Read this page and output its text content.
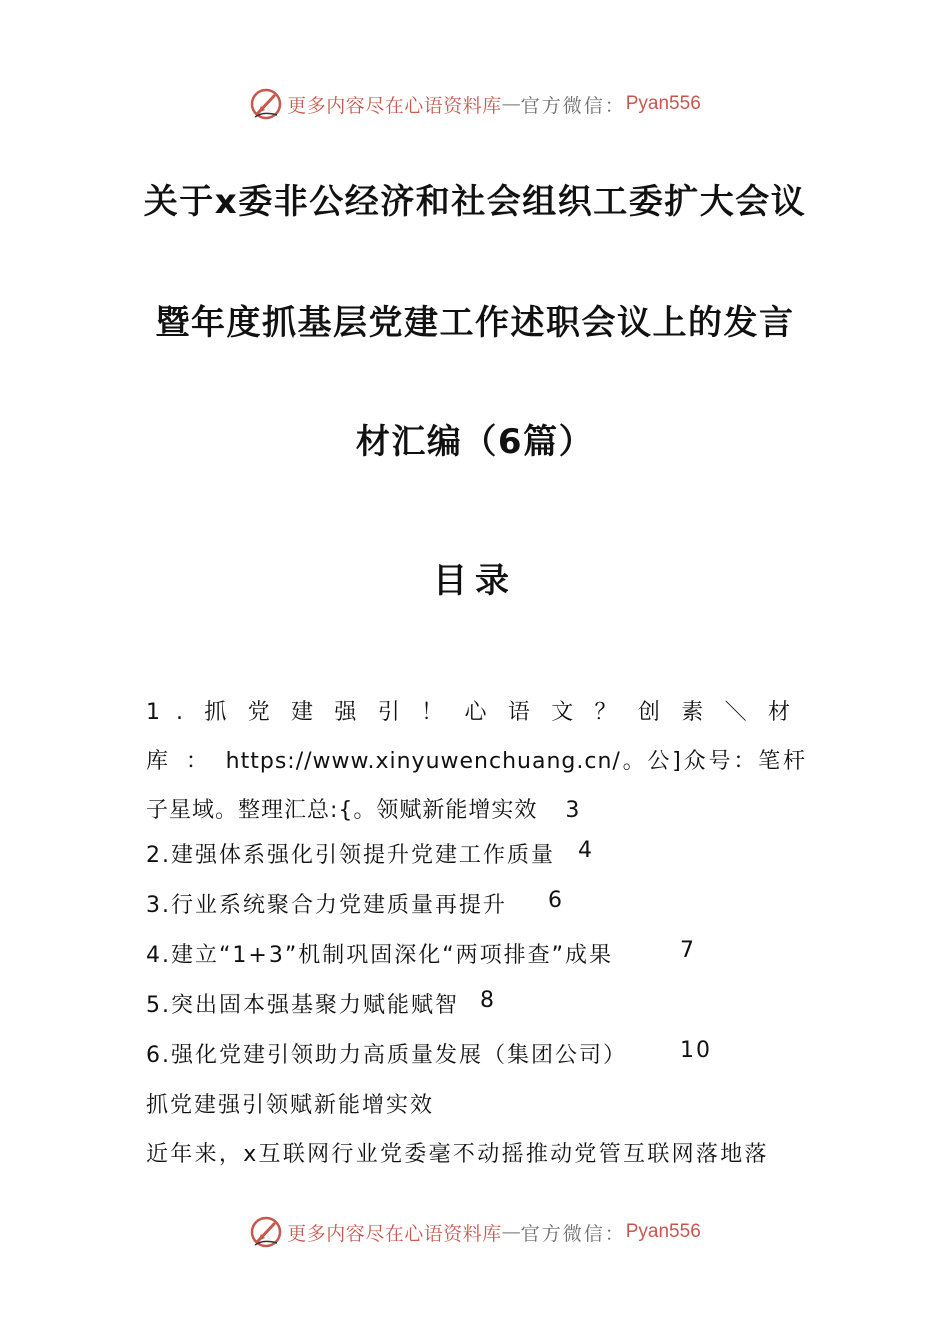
更多内容尽在心语资料库 — 官方微信： Pyan556
关于x委非公经济和社会组织工委扩大会议
暨年度抓基层党建工作述职会议上的发言
材汇编（6篇）
目录
1.抓党建强引！心语文？创素＼材库：https://www.xinyuwenchuang.cn/。公]众号：笔杆子星域。整理汇总:{。领赋新能增实效 3
2.建强体系强化引领提升党建工作质量 4
3.行业系统聚合力党建质量再提升 6
4.建立“1+3”机制巩固深化“两项排查”成果	7
5.突出固本强基聚力赋能赋智 8
6.强化党建引领助力高质量发展（集团公司） 10
抓党建强引领赋新能增实效
近年来，x互联网行业党委毫不动摇推动党管互联网落地落
更多内容尽在心语资料库 — 官方微信： Pyan556
